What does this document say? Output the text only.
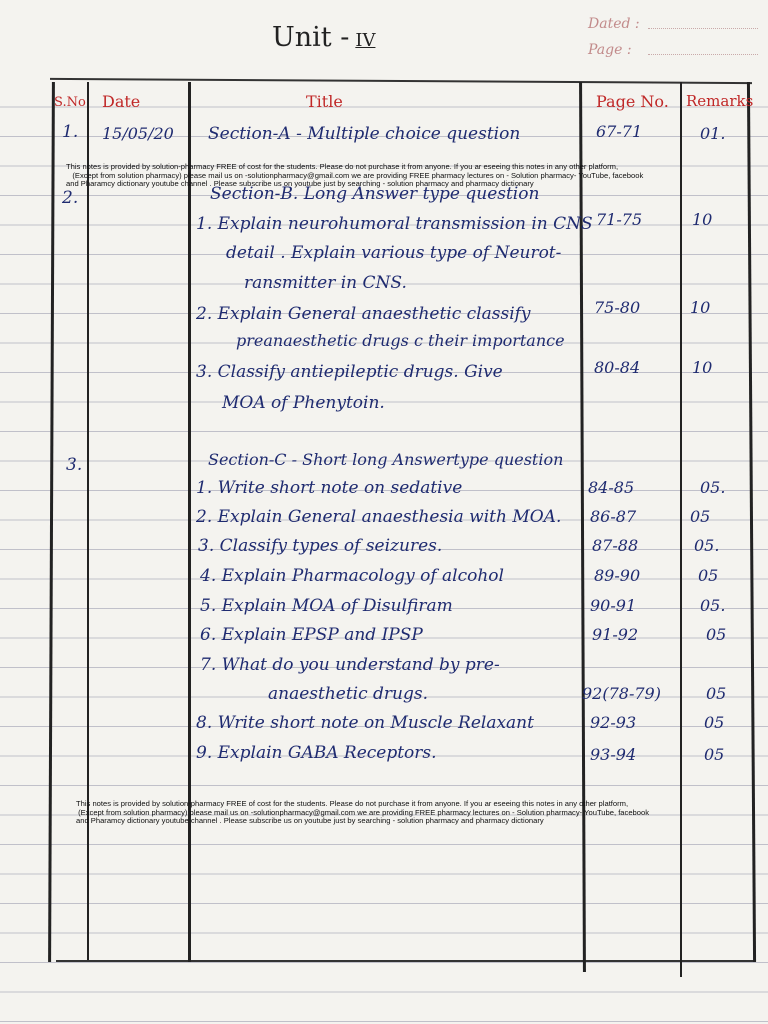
Unit - IV
Dated :
Page :
S.No Date	Title	Page No. Remarks
1. 15/05/20 Section-A - Multiple choice question	67-71	01.

This notes is provided by solution-pharmacy FREE of cost for the students. Please do not purchase it from anyone. If you ar eseeing this notes in any other platform,
(Except from solution pharmacy) please mail us on -solutionpharmacy@gmail.com we are providing FREE pharmacy lectures on - Solution pharmacy- YouTube, facebook
and Pharamcy dictionary youtube channel . Please subscribe us on youtube just by searching - solution pharmacy and pharmacy dictionary
2.	Section-B. Long Answer type question
1. Explain neurohumoral transmission in CNS 71-75	10
detail . Explain various type of Neurot-
ransmitter in CNS.
2. Explain General anaesthetic classify	75-80	10
preanaesthetic drugs c their importance
3. Classify antiepileptic drugs. Give	80-84	10
MOA of Phenytoin.
3.	Section-C - Short long Answertype question
1. Write short note on sedative	84-85	05.
2. Explain General anaesthesia with MOA. 86-87	05
3. Classify types of seizures.	87-88	05.
4. Explain Pharmacology of alcohol	89-90	05
5. Explain MOA of Disulfiram	90-91	05.
6. Explain EPSP and IPSP	91-92	05
7. What do you understand by pre-
anaesthetic drugs.	92(78-79)	05
8. Write short note on Muscle Relaxant	92-93	05
9. Explain GABA Receptors.	93-94	05

This notes is provided by solution-pharmacy FREE of cost for the students. Please do not purchase it from anyone. If you ar eseeing this notes in any other platform,
(Except from solution pharmacy) please mail us on -solutionpharmacy@gmail.com we are providing FREE pharmacy lectures on - Solution pharmacy- YouTube, facebook
and Pharamcy dictionary youtube channel . Please subscribe us on youtube just by searching - solution pharmacy and pharmacy dictionary
